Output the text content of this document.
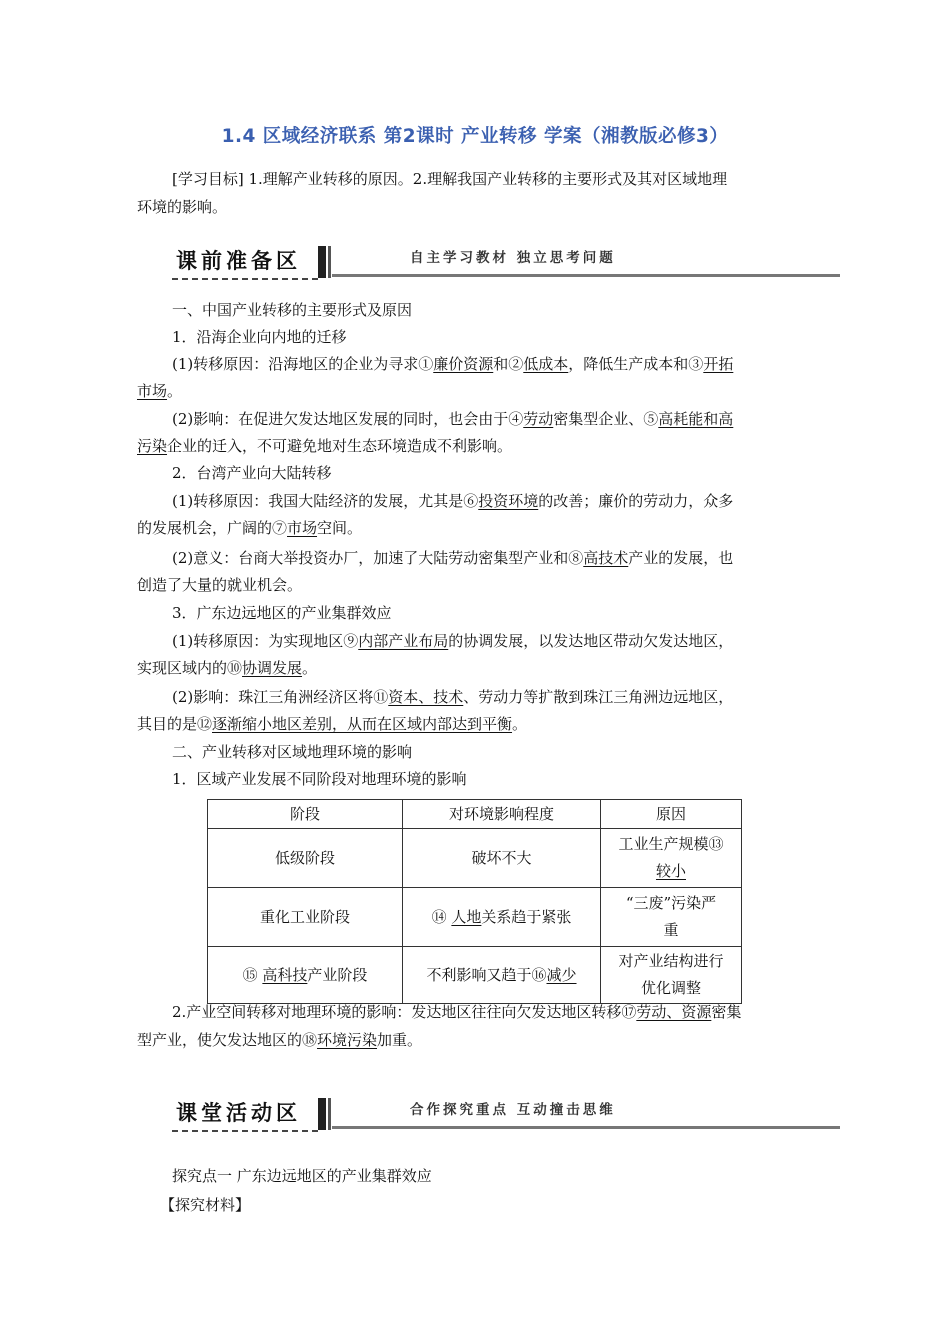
1.4 区域经济联系 第2课时 产业转移 学案（湘教版必修3）
[学习目标] 1.理解产业转移的原因。2.理解我国产业转移的主要形式及其对区域地理
环境的影响。
课前准备区	自主学习教材 独立思考问题
一、中国产业转移的主要形式及原因
1．沿海企业向内地的迁移
(1)转移原因：沿海地区的企业为寻求①廉价资源和②低成本，降低生产成本和③开拓
市场。
(2)影响：在促进欠发达地区发展的同时，也会由于④劳动密集型企业、⑤高耗能和高
污染企业的迁入，不可避免地对生态环境造成不利影响。
2．台湾产业向大陆转移
(1)转移原因：我国大陆经济的发展，尤其是⑥投资环境的改善；廉价的劳动力，众多
的发展机会，广阔的⑦市场空间。
(2)意义：台商大举投资办厂，加速了大陆劳动密集型产业和⑧高技术产业的发展，也
创造了大量的就业机会。
3．广东边远地区的产业集群效应
(1)转移原因：为实现地区⑨内部产业布局的协调发展，以发达地区带动欠发达地区，
实现区域内的⑩协调发展。
(2)影响：珠江三角洲经济区将⑪资本、技术、劳动力等扩散到珠江三角洲边远地区，
其目的是⑫逐渐缩小地区差别，从而在区域内部达到平衡。
二、产业转移对区域地理环境的影响
1．区域产业发展不同阶段对地理环境的影响
阶段	对环境影响程度	原因
低级阶段	破坏不大	工业生产规模⑬
较小
重化工业阶段	⑭ 人地关系趋于紧张	“三废”污染严
重
⑮ 高科技产业阶段	不利影响又趋于⑯减少	对产业结构进行
优化调整
2.产业空间转移对地理环境的影响：发达地区往往向欠发达地区转移⑰劳动、资源密集
型产业，使欠发达地区的⑱环境污染加重。
课堂活动区	合作探究重点 互动撞击思维
探究点一 广东边远地区的产业集群效应
【探究材料】
